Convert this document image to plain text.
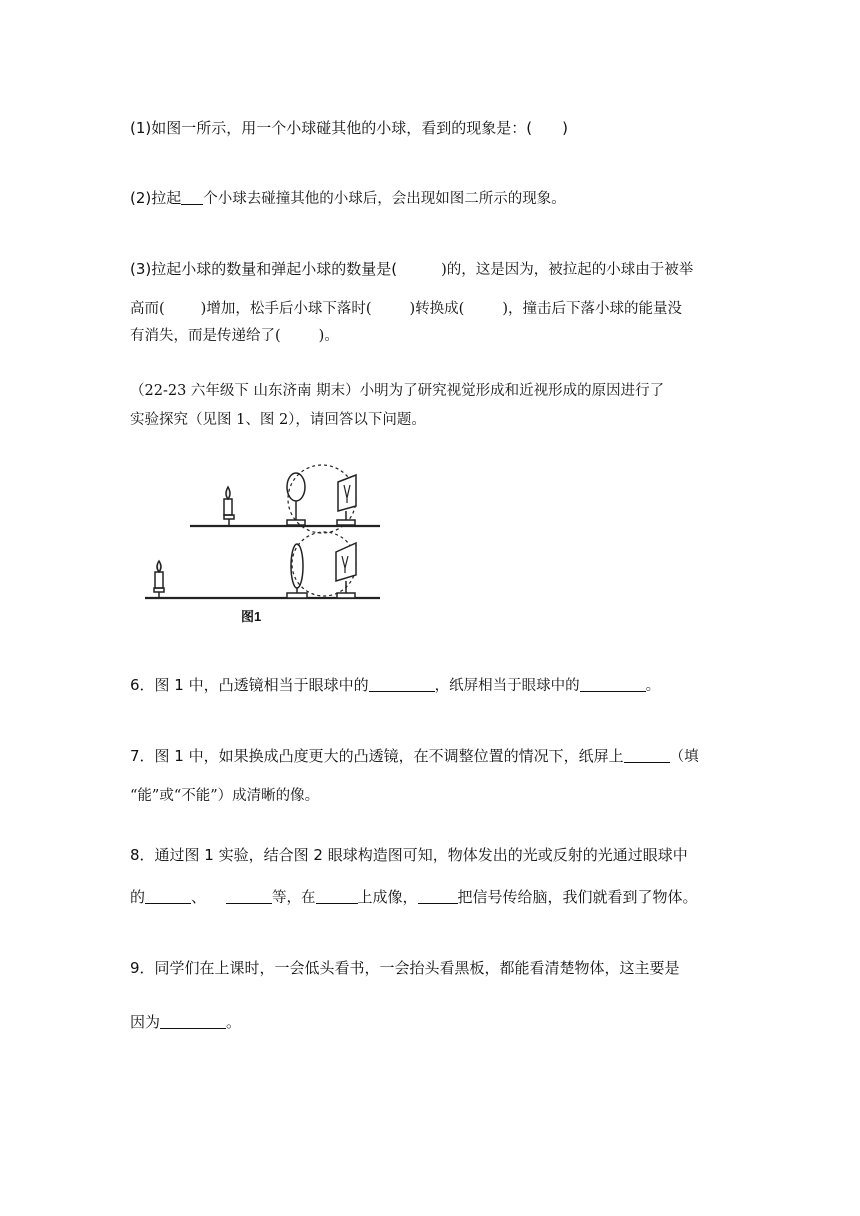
(1)如图一所示，用一个小球碰其他的小球，看到的现象是：(　　)
(2)拉起 个小球去碰撞其他的小球后，会出现如图二所示的现象。
(3)拉起小球的数量和弹起小球的数量是(	)的，这是因为，被拉起的小球由于被举
高而( )增加，松手后小球下落时(	)转换成(	)，撞击后下落小球的能量没
有消失，而是传递给了(	)。
（22-23 六年级下 山东济南 期末）小明为了研究视觉形成和近视形成的原因进行了
实验探究（见图 1、图 2），请回答以下问题。
图1
6．图 1 中，凸透镜相当于眼球中的	，纸屏相当于眼球中的	。
7．图 1 中，如果换成凸度更大的凸透镜，在不调整位置的情况下，纸屏上	（填
“能”或“不能”）成清晰的像。
8．通过图 1 实验，结合图 2 眼球构造图可知，物体发出的光或反射的光通过眼球中
的	、	等，在	上成像，	把信号传给脑，我们就看到了物体。
9．同学们在上课时，一会低头看书，一会抬头看黑板，都能看清楚物体，这主要是
因为	。
